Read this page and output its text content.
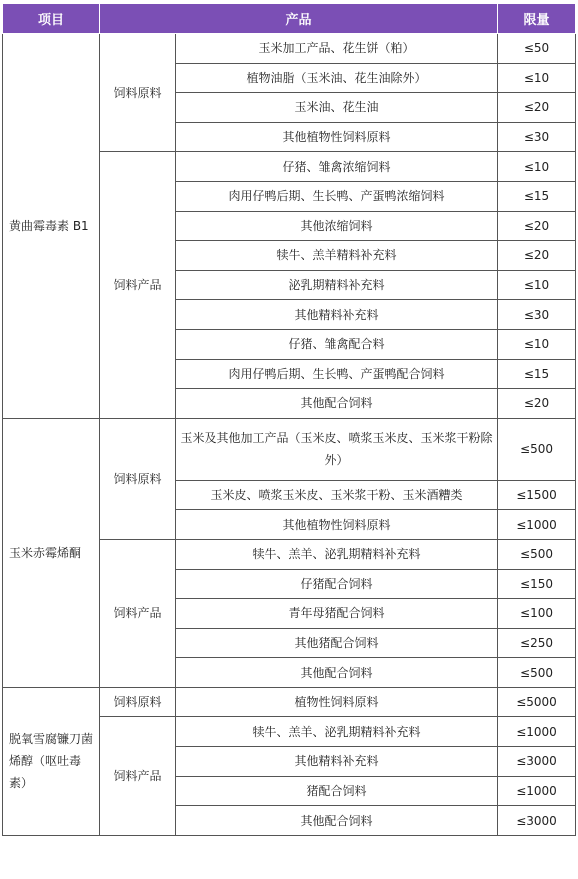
项目	产品		限量
黄曲霉毒素 B1	饲料原料	玉米加工产品、花生饼（粕）	≤50
		植物油脂（玉米油、花生油除外）	≤10
		玉米油、花生油	≤20
		其他植物性饲料原料	≤30
	饲料产品	仔猪、雏禽浓缩饲料	≤10
		肉用仔鸭后期、生长鸭、产蛋鸭浓缩饲料	≤15
		其他浓缩饲料	≤20
		犊牛、羔羊精料补充料	≤20
		泌乳期精料补充料	≤10
		其他精料补充料	≤30
		仔猪、雏禽配合料	≤10
		肉用仔鸭后期、生长鸭、产蛋鸭配合饲料	≤15
		其他配合饲料	≤20
玉米赤霉烯酮	饲料原料	玉米及其他加工产品（玉米皮、喷浆玉米皮、玉米浆干粉除外）	≤500
		玉米皮、喷浆玉米皮、玉米浆干粉、玉米酒糟类	≤1500
		其他植物性饲料原料	≤1000
	饲料产品	犊牛、羔羊、泌乳期精料补充料	≤500
		仔猪配合饲料	≤150
		青年母猪配合饲料	≤100
		其他猪配合饲料	≤250
		其他配合饲料	≤500
脱氧雪腐镰刀菌烯醇（呕吐毒素）	饲料原料	植物性饲料原料	≤5000
	饲料产品	犊牛、羔羊、泌乳期精料补充料	≤1000
		其他精料补充料	≤3000
		猪配合饲料	≤1000
		其他配合饲料	≤3000
